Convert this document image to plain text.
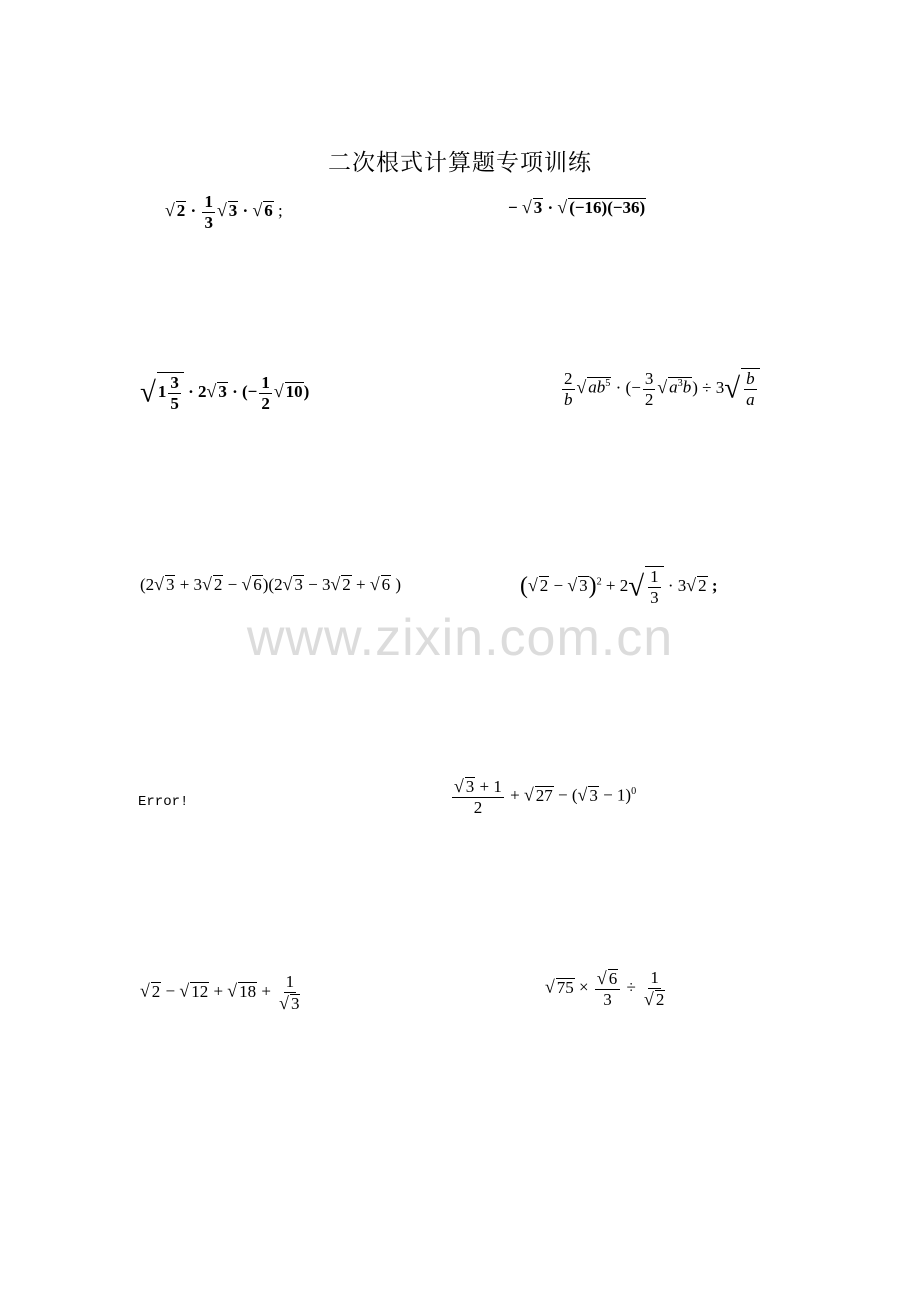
二次根式计算题专项训练
√ $2 \cdot \frac{1}{3}$ √ 3 · √ 6 ;	− √ 3 · √ (−16)(−36)
√ $1 \frac{3}{5} \cdot 2√$ 3 · (− $\frac{1}{2}$ √ 10)	$\frac{2}{b}$ √ $ab^5$ · (− $\frac{3}{2}$ √ $a^3b) \div 3√ \frac{b}{a}$
(2√ 3 + 3√ 2 − √ 6)(2√ 3 − 3√ 2 + √ 6 )	(√ 2 − √ $3)^2 + 2√ \frac{1}{3} \cdot 3√$ 2 ;
www.zixin.com.cn
Error!	$\frac{√ 3 + 1}{2}$ + √ 27 − (√ 3 − 1)$^0$
√ 2 − √ 12 + √ $18 + \frac{1}{√ 3}$	√ $75 \times \frac{√ 6}{3} \div \frac{1}{√ 2}$
